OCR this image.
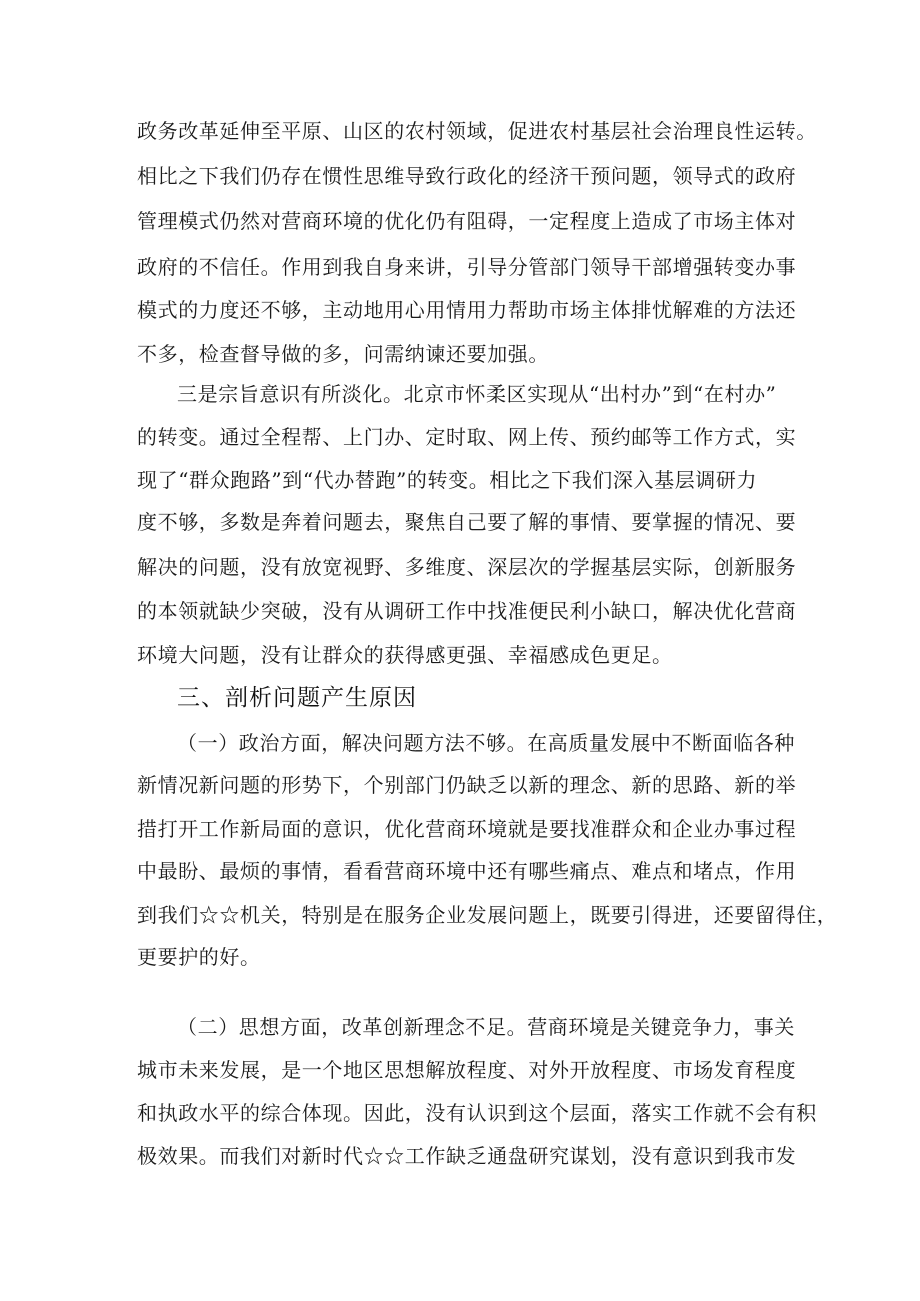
政务改革延伸至平原、山区的农村领域，促进农村基层社会治理良性运转。
相比之下我们仍存在惯性思维导致行政化的经济干预问题，领导式的政府
管理模式仍然对营商环境的优化仍有阻碍，一定程度上造成了市场主体对
政府的不信任。作用到我自身来讲，引导分管部门领导干部增强转变办事
模式的力度还不够，主动地用心用情用力帮助市场主体排忧解难的方法还
不多，检查督导做的多，问需纳谏还要加强。
三是宗旨意识有所淡化。北京市怀柔区实现从“出村办”到“在村办”
的转变。通过全程帮、上门办、定时取、网上传、预约邮等工作方式，实
现了“群众跑路”到“代办替跑”的转变。相比之下我们深入基层调研力
度不够，多数是奔着问题去，聚焦自己要了解的事情、要掌握的情况、要
解决的问题，没有放宽视野、多维度、深层次的学握基层实际，创新服务
的本领就缺少突破，没有从调研工作中找准便民利小缺口，解决优化营商
环境大问题，没有让群众的获得感更强、幸福感成色更足。
三、剖析问题产生原因
（一）政治方面，解决问题方法不够。在高质量发展中不断面临各种
新情况新问题的形势下，个别部门仍缺乏以新的理念、新的思路、新的举
措打开工作新局面的意识，优化营商环境就是要找准群众和企业办事过程
中最盼、最烦的事情，看看营商环境中还有哪些痛点、难点和堵点，作用
到我们☆☆机关，特别是在服务企业发展问题上，既要引得进，还要留得住，
更要护的好。
（二）思想方面，改革创新理念不足。营商环境是关键竞争力，事关
城市未来发展，是一个地区思想解放程度、对外开放程度、市场发育程度
和执政水平的综合体现。因此，没有认识到这个层面，落实工作就不会有积
极效果。而我们对新时代☆☆工作缺乏通盘研究谋划，没有意识到我市发
